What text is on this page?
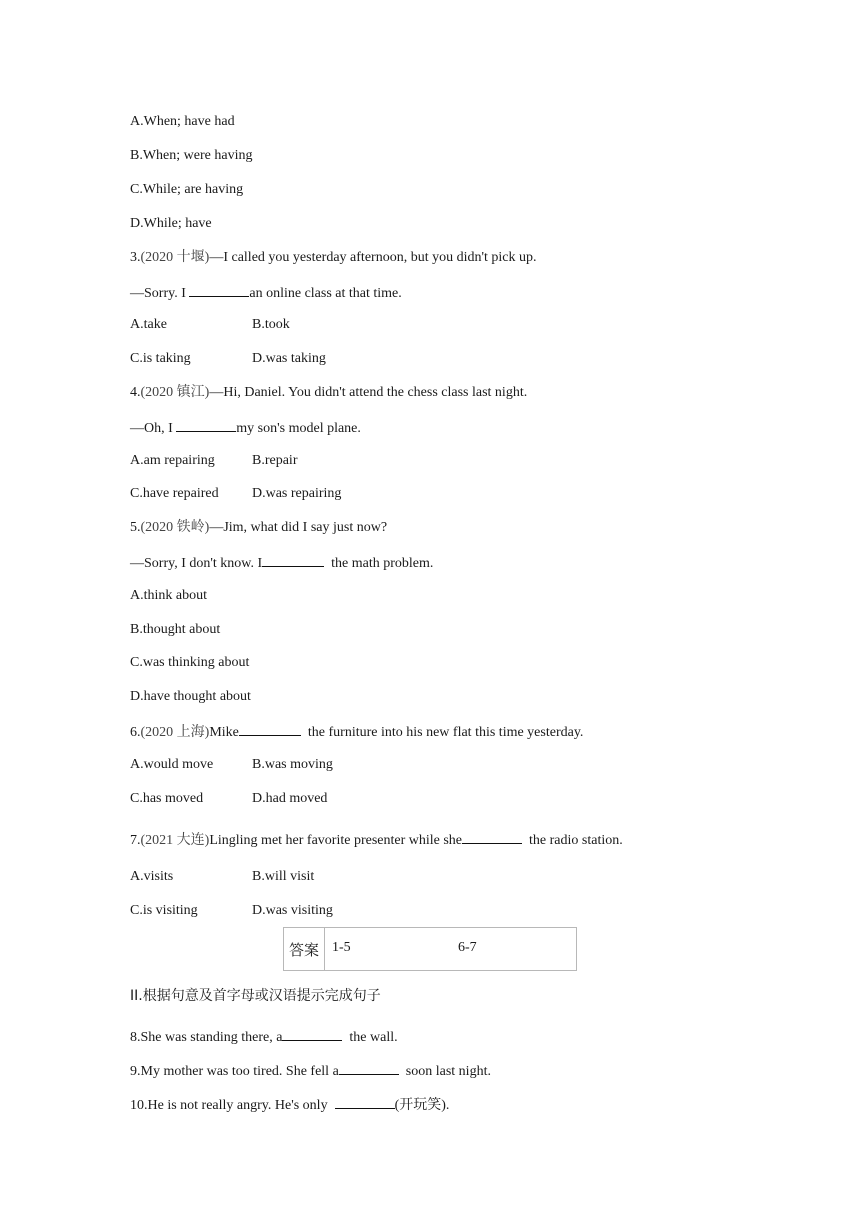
A.When; have had
B.When; were having
C.While; are having
D.While; have
3.(2020 十堰)—I called you yesterday afternoon, but you didn't pick up.
—Sorry. I	an online class at that time.
A.take	B.took
C.is taking	D.was taking
4.(2020 镇江)—Hi, Daniel. You didn't attend the chess class last night.
—Oh, I	my son's model plane.
A.am repairing	B.repair
C.have repaired D.was repairing
5.(2020 铁岭)—Jim, what did I say just now?
—Sorry, I don't know. I	the math problem.
A.think about
B.thought about
C.was thinking about
D.have thought about
6.(2020 上海)Mike	the furniture into his new flat this time yesterday.
A.would move	B.was moving
C.has moved	D.had moved
7.(2021 大连)Lingling met her favorite presenter while she	the radio station.
A.visits	B.will visit
C.is visiting	D.was visiting
答案 1-5	6-7
II.根据句意及首字母或汉语提示完成句子
8.She was standing there, a	the wall.
9.My mother was too tired. She fell a	soon last night.
10.He is not really angry. He's only	(开玩笑).
